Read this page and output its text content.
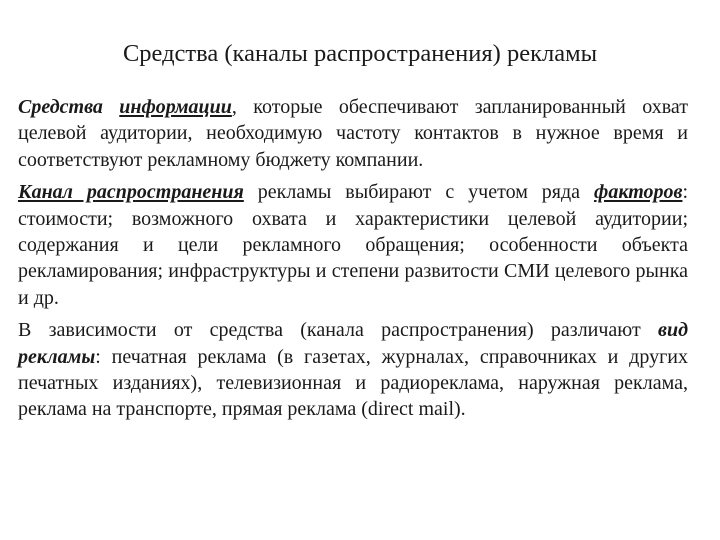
Средства (каналы распространения) рекламы

Средства информации, которые обеспечивают запланированный охват целевой аудитории, необходимую частоту контактов в нужное время и соответствуют рекламному бюджету компании.

Канал распространения рекламы выбирают с учетом ряда факторов: стоимости; возможного охвата и характеристики целевой аудитории; содержания и цели рекламного обращения; особенности объекта рекламирования; инфраструктуры и степени развитости СМИ целевого рынка и др.

В зависимости от средства (канала распространения) различают вид рекламы: печатная реклама (в газетах, журналах, справочниках и других печатных изданиях), телевизионная и радиореклама, наружная реклама, реклама на транспорте, прямая реклама (direct mail).
